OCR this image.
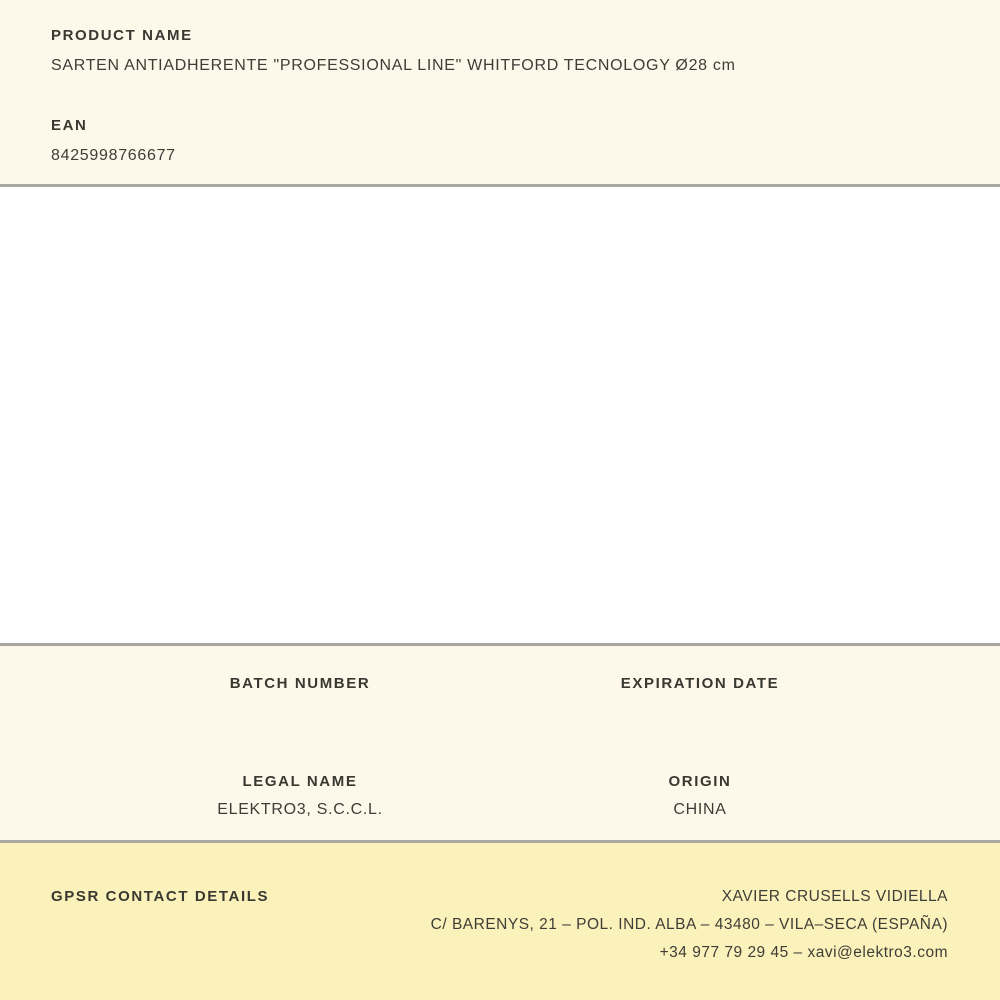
PRODUCT NAME
SARTEN ANTIADHERENTE "PROFESSIONAL LINE" WHITFORD TECNOLOGY Ø28 cm
EAN
8425998766677
BATCH NUMBER	EXPIRATION DATE
LEGAL NAME
ELEKTRO3, S.C.C.L.
ORIGIN
CHINA
GPSR CONTACT DETAILS	XAVIER CRUSELLS VIDIELLA
C/ BARENYS, 21 – POL. IND. ALBA – 43480 – VILA–SECA (ESPAÑA)
+34 977 79 29 45 – xavi@elektro3.com
